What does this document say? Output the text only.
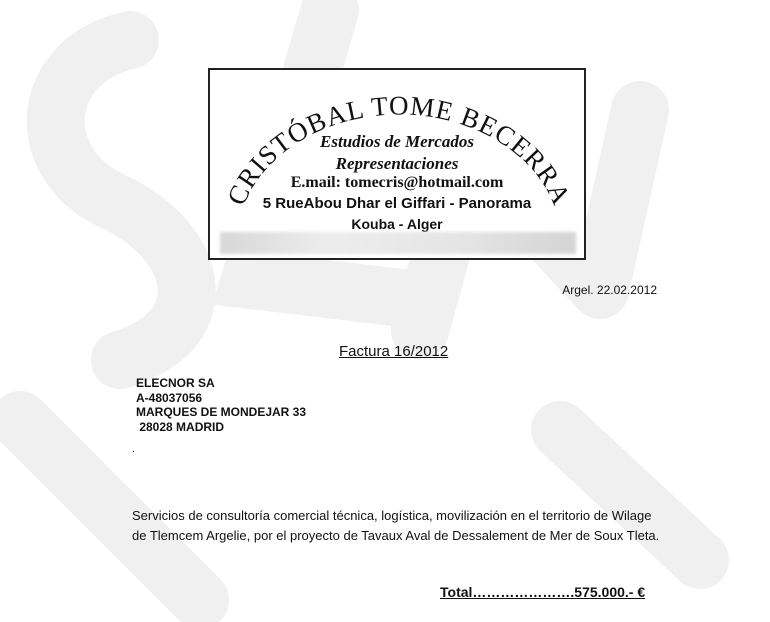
CRISTÓBAL TOME BECERRA
Estudios de Mercados
Representaciones
E.mail: tomecris@hotmail.com
5 RueAbou Dhar el Giffari - Panorama
Kouba - Alger
Argel. 22.02.2012
Factura 16/2012
ELECNOR SA
A-48037056
MARQUES DE MONDEJAR 33
28028 MADRID
.
Servicios de consultoría comercial técnica, logística, movilización en el territorio de Wilage de Tlemcem Argelie, por el proyecto de Tavaux Aval de Dessalement de Mer de Soux Tleta.
Total………………….575.000.- €
